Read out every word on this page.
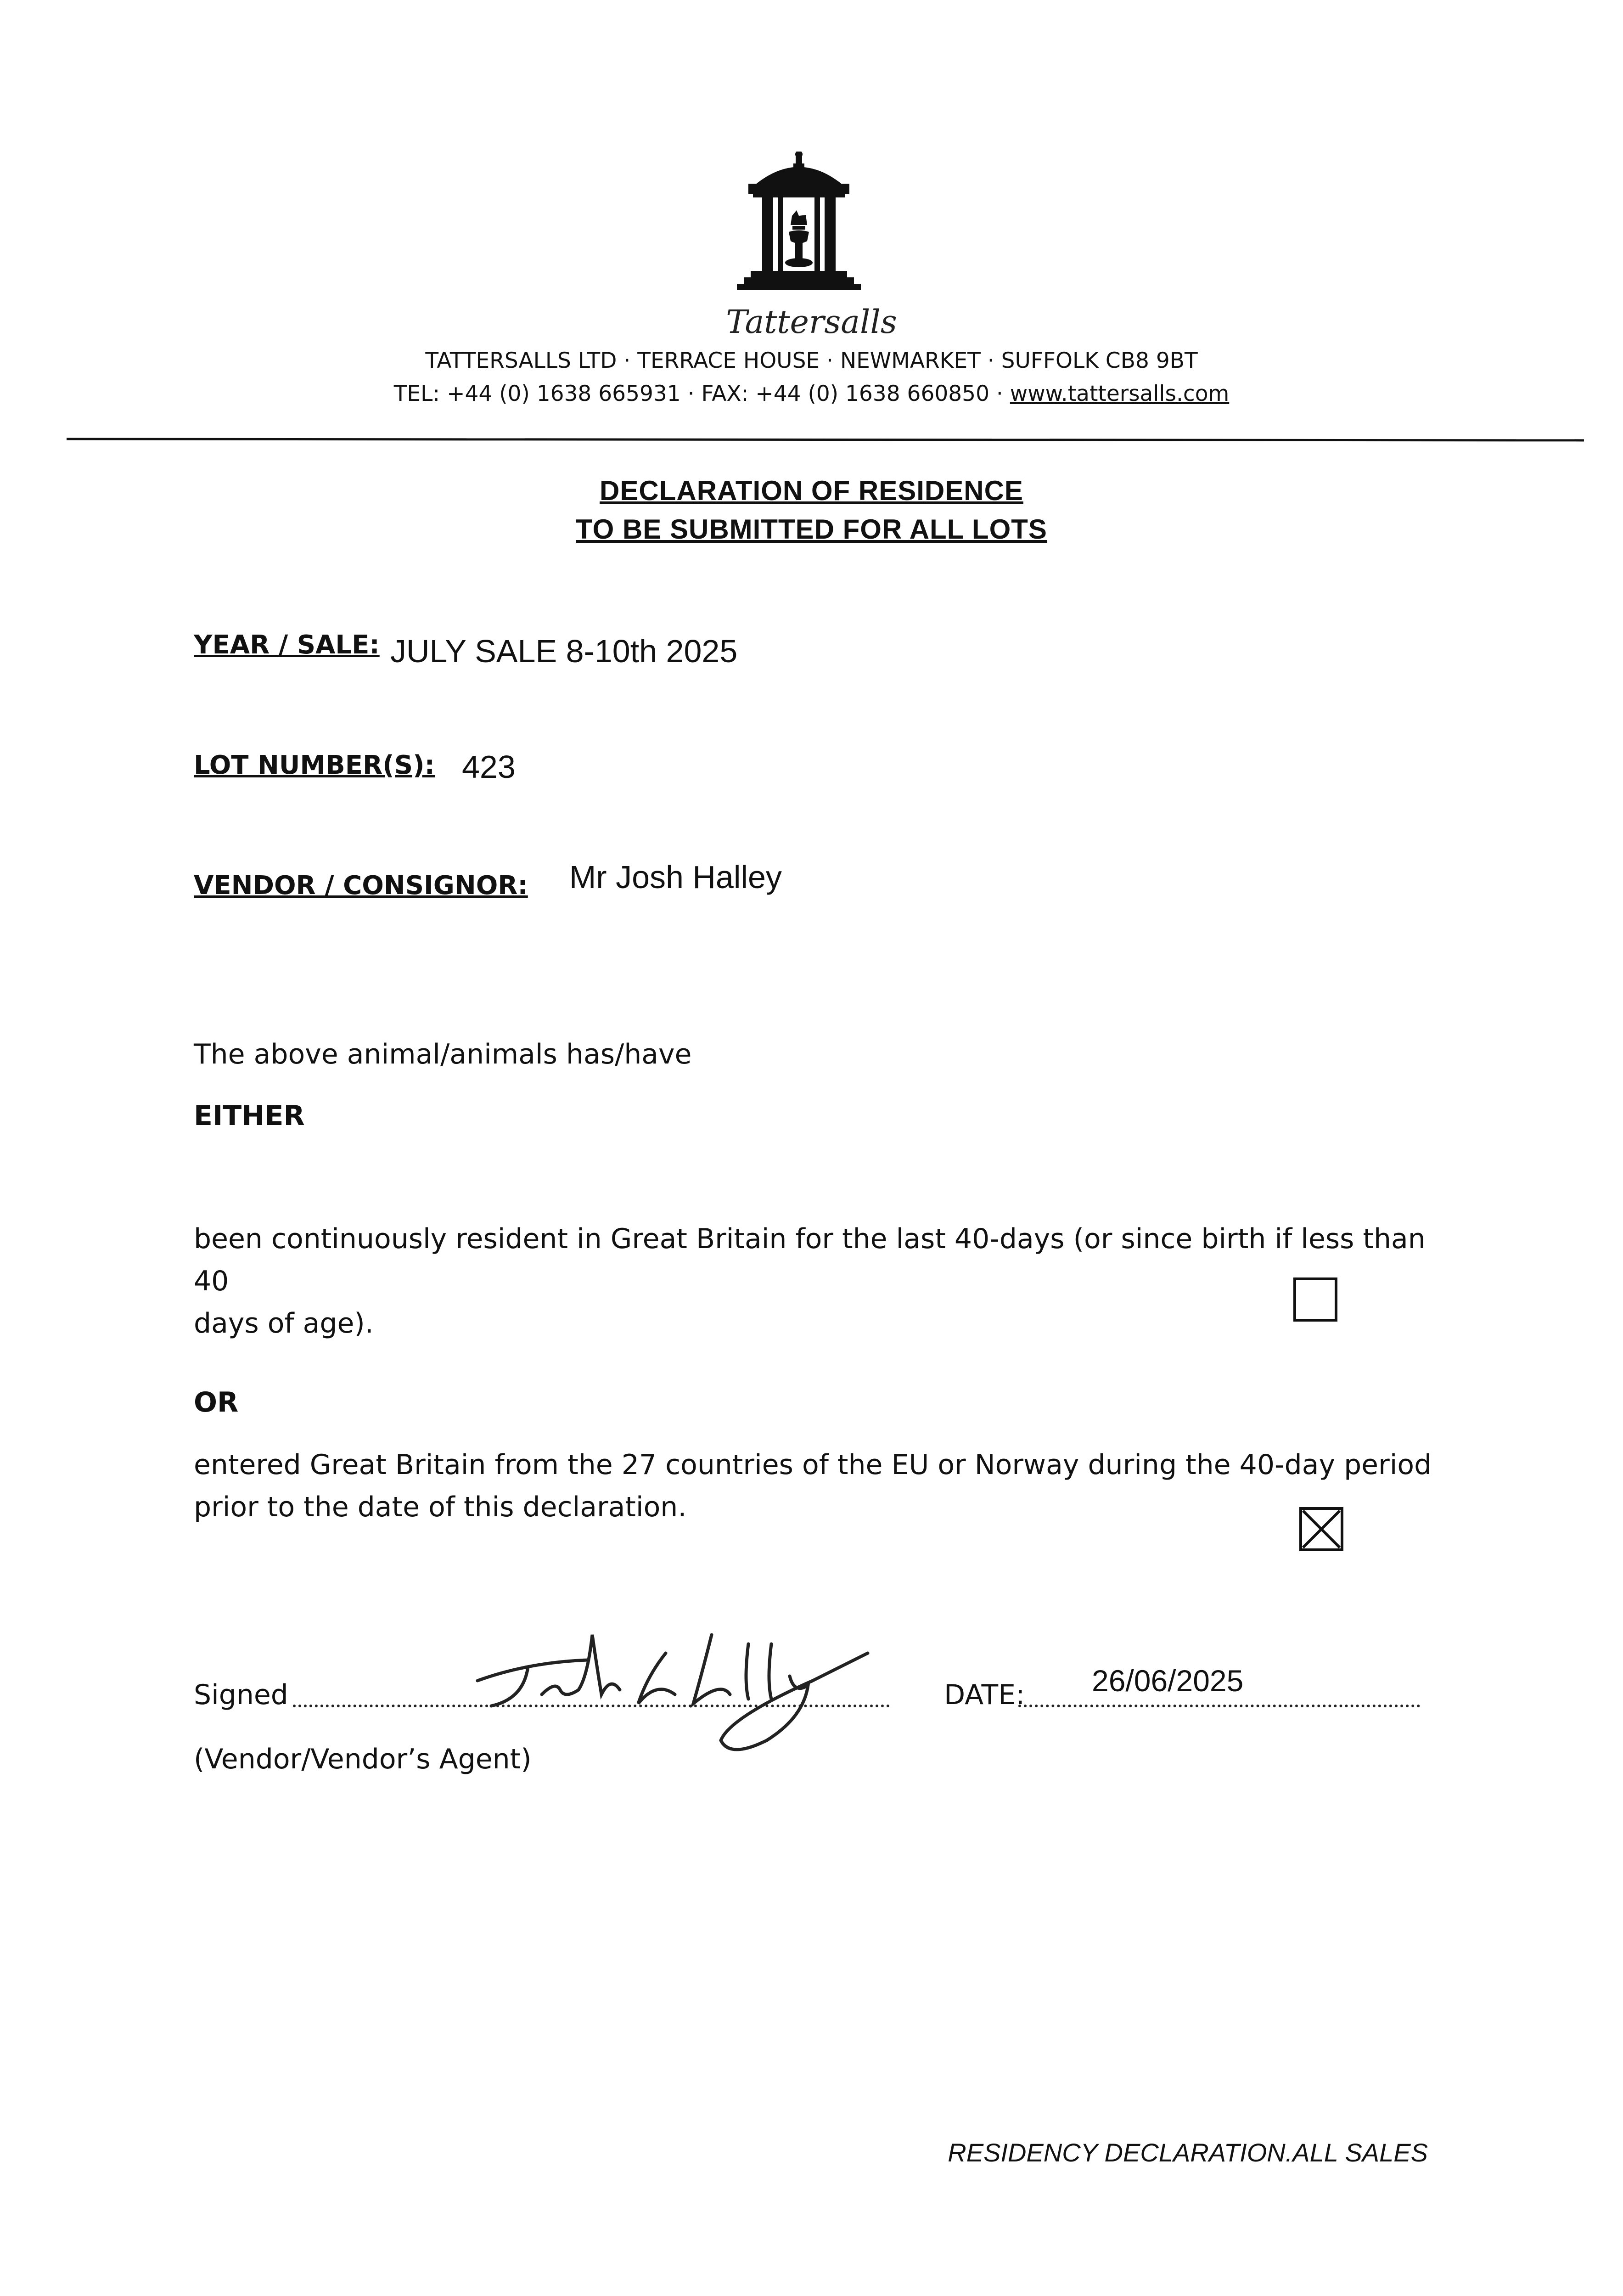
Tattersalls
TATTERSALLS LTD · TERRACE HOUSE · NEWMARKET · SUFFOLK CB8 9BT
TEL: +44 (0) 1638 665931 · FAX: +44 (0) 1638 660850 · www.tattersalls.com
DECLARATION OF RESIDENCE
TO BE SUBMITTED FOR ALL LOTS
YEAR / SALE: JULY SALE 8-10th 2025
LOT NUMBER(S): 423
VENDOR / CONSIGNOR: Mr Josh Halley
The above animal/animals has/have
EITHER
been continuously resident in Great Britain for the last 40-days (or since birth if less than 40
days of age).
OR
entered Great Britain from the 27 countries of the EU or Norway during the 40-day period
prior to the date of this declaration.
Signed	DATE: 26/06/2025
(Vendor/Vendor’s Agent)
RESIDENCY DECLARATION.ALL SALES
